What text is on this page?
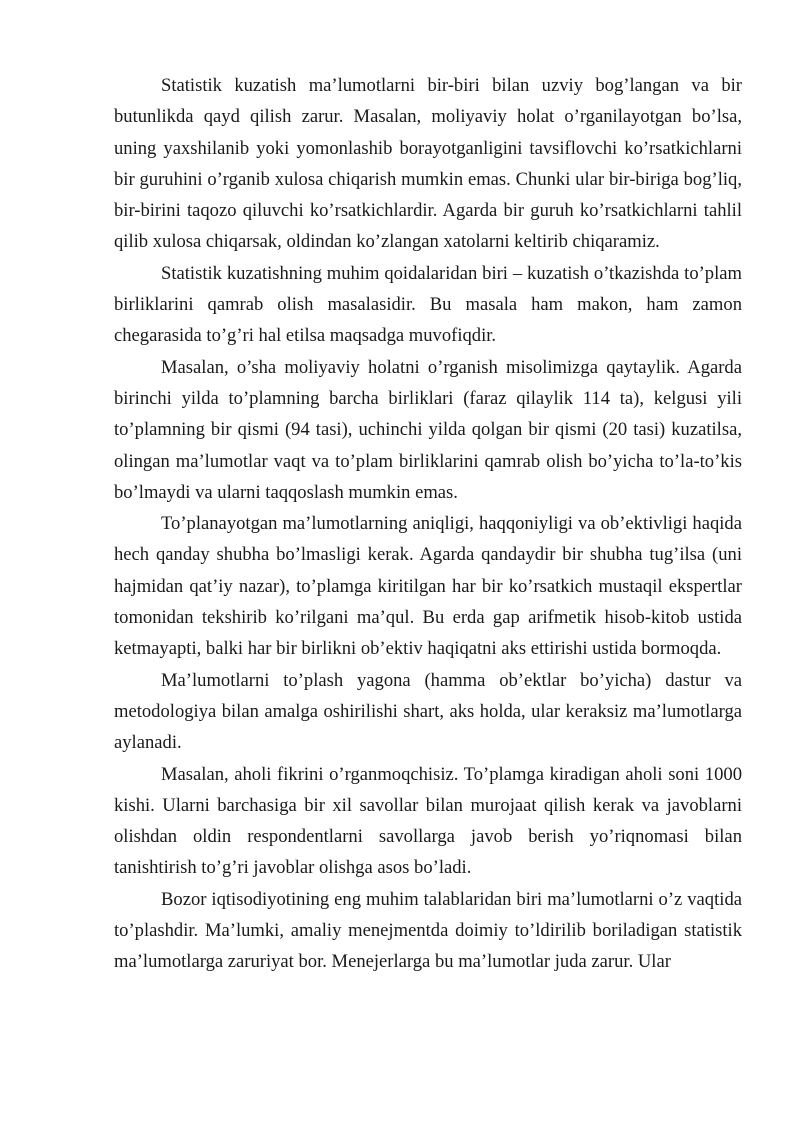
Statistik kuzatish ma’lumotlarni bir-biri bilan uzviy bog’langan va bir butunlikda qayd qilish zarur. Masalan, moliyaviy holat o’rganilayotgan bo’lsa, uning yaxshilanib yoki yomonlashib borayotganligini tavsiflovchi ko’rsatkichlarni bir guruhini o’rganib xulosa chiqarish mumkin emas. Chunki ular bir-biriga bog’liq, bir-birini taqozo qiluvchi ko’rsatkichlardir. Agarda bir guruh ko’rsatkichlarni tahlil qilib xulosa chiqarsak, oldindan ko’zlangan xatolarni keltirib chiqaramiz.

Statistik kuzatishning muhim qoidalaridan biri – kuzatish o’tkazishda to’plam birliklarini qamrab olish masalasidir. Bu masala ham makon, ham zamon chegarasida to’g’ri hal etilsa maqsadga muvofiqdir.

Masalan, o’sha moliyaviy holatni o’rganish misolimizga qaytaylik. Agarda birinchi yilda to’plamning barcha birliklari (faraz qilaylik 114 ta), kelgusi yili to’plamning bir qismi (94 tasi), uchinchi yilda qolgan bir qismi (20 tasi) kuzatilsa, olingan ma’lumotlar vaqt va to’plam birliklarini qamrab olish bo’yicha to’la-to’kis bo’lmaydi va ularni taqqoslash mumkin emas.

To’planayotgan ma’lumotlarning aniqligi, haqqoniyligi va ob’ektivligi haqida hech qanday shubha bo’lmasligi kerak. Agarda qandaydir bir shubha tug’ilsa (uni hajmidan qat’iy nazar), to’plamga kiritilgan har bir ko’rsatkich mustaqil ekspertlar tomonidan tekshirib ko’rilgani ma’qul. Bu erda gap arifmetik hisob-kitob ustida ketmayapti, balki har bir birlikni ob’ektiv haqiqatni aks ettirishi ustida bormoqda.

Ma’lumotlarni to’plash yagona (hamma ob’ektlar bo’yicha) dastur va metodologiya bilan amalga oshirilishi shart, aks holda, ular keraksiz ma’lumotlarga aylanadi.

Masalan, aholi fikrini o’rganmoqchisiz. To’plamga kiradigan aholi soni 1000 kishi. Ularni barchasiga bir xil savollar bilan murojaat qilish kerak va javoblarni olishdan oldin respondentlarni savollarga javob berish yo’riqnomasi bilan tanishtirish to’g’ri javoblar olishga asos bo’ladi.

Bozor iqtisodiyotining eng muhim talablaridan biri ma’lumotlarni o’z vaqtida to’plashdir. Ma’lumki, amaliy menejmentda doimiy to’ldirilib boriladigan statistik ma’lumotlarga zaruriyat bor. Menejerlarga bu ma’lumotlar juda zarur. Ular
